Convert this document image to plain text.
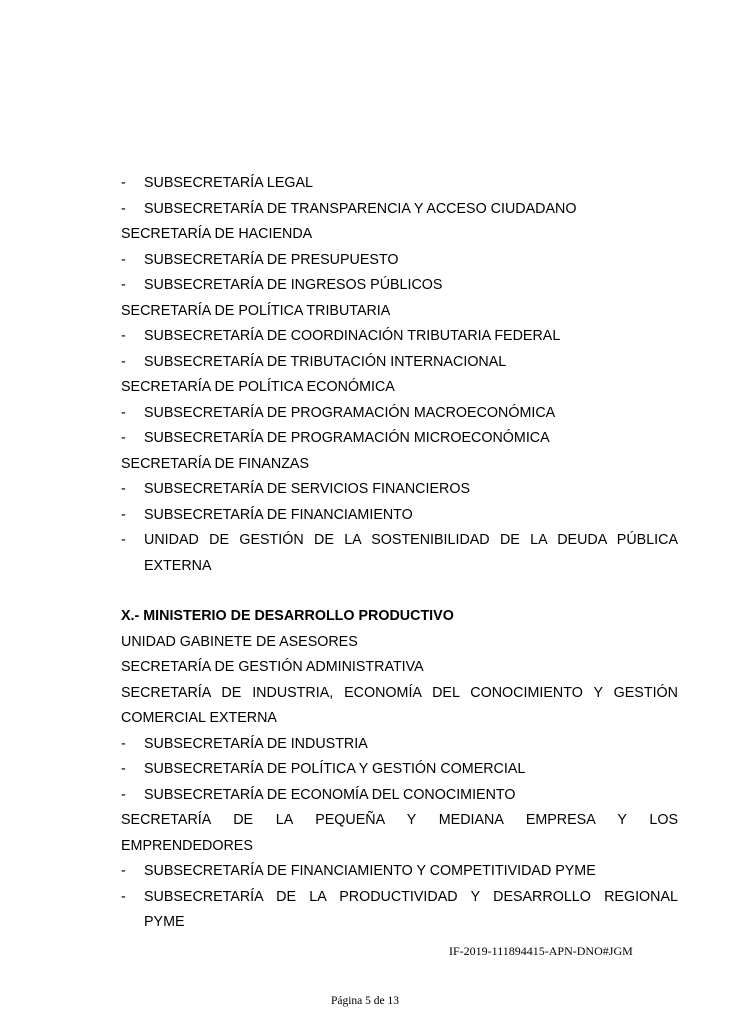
- SUBSECRETARÍA LEGAL

- SUBSECRETARÍA DE TRANSPARENCIA Y ACCESO CIUDADANO

SECRETARÍA DE HACIENDA

- SUBSECRETARÍA DE PRESUPUESTO

- SUBSECRETARÍA DE INGRESOS PÚBLICOS

SECRETARÍA DE POLÍTICA TRIBUTARIA

- SUBSECRETARÍA DE COORDINACIÓN TRIBUTARIA FEDERAL

- SUBSECRETARÍA DE TRIBUTACIÓN INTERNACIONAL

SECRETARÍA DE POLÍTICA ECONÓMICA

- SUBSECRETARÍA DE PROGRAMACIÓN MACROECONÓMICA

- SUBSECRETARÍA DE PROGRAMACIÓN MICROECONÓMICA

SECRETARÍA DE FINANZAS

- SUBSECRETARÍA DE SERVICIOS FINANCIEROS

- SUBSECRETARÍA DE FINANCIAMIENTO

- UNIDAD DE GESTIÓN DE LA SOSTENIBILIDAD DE LA DEUDA PÚBLICA
EXTERNA

X.- MINISTERIO DE DESARROLLO PRODUCTIVO

UNIDAD GABINETE DE ASESORES

SECRETARÍA DE GESTIÓN ADMINISTRATIVA

SECRETARÍA DE INDUSTRIA, ECONOMÍA DEL CONOCIMIENTO Y GESTIÓN

COMERCIAL EXTERNA

- SUBSECRETARÍA DE INDUSTRIA

- SUBSECRETARÍA DE POLÍTICA Y GESTIÓN COMERCIAL

- SUBSECRETARÍA DE ECONOMÍA DEL CONOCIMIENTO

SECRETARÍA DE LA PEQUEÑA Y MEDIANA EMPRESA Y LOS

EMPRENDEDORES

- SUBSECRETARÍA DE FINANCIAMIENTO Y COMPETITIVIDAD PYME

- SUBSECRETARÍA DE LA PRODUCTIVIDAD Y DESARROLLO REGIONAL
PYME

IF-2019-111894415-APN-DNO#JGM
Página 5 de 13
